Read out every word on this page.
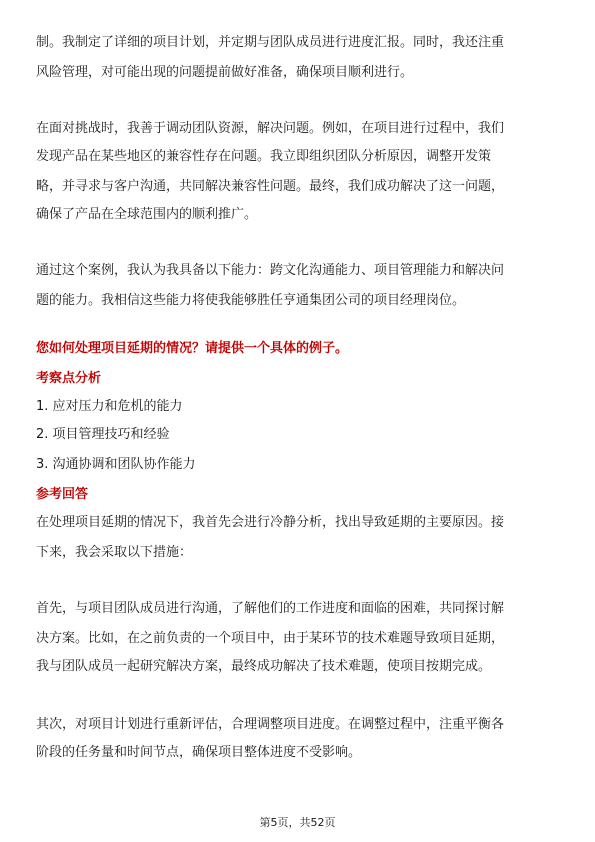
制。我制定了详细的项目计划，并定期与团队成员进行进度汇报。同时，我还注重
风险管理，对可能出现的问题提前做好准备，确保项目顺利进行。
在面对挑战时，我善于调动团队资源，解决问题。例如，在项目进行过程中，我们
发现产品在某些地区的兼容性存在问题。我立即组织团队分析原因，调整开发策
略，并寻求与客户沟通，共同解决兼容性问题。最终，我们成功解决了这一问题，
确保了产品在全球范围内的顺利推广。
通过这个案例，我认为我具备以下能力：跨文化沟通能力、项目管理能力和解决问
题的能力。我相信这些能力将使我能够胜任亨通集团公司的项目经理岗位。
您如何处理项目延期的情况？请提供一个具体的例子。
考察点分析
1. 应对压力和危机的能力
2. 项目管理技巧和经验
3. 沟通协调和团队协作能力
参考回答
在处理项目延期的情况下，我首先会进行冷静分析，找出导致延期的主要原因。接
下来，我会采取以下措施：
首先，与项目团队成员进行沟通，了解他们的工作进度和面临的困难，共同探讨解
决方案。比如，在之前负责的一个项目中，由于某环节的技术难题导致项目延期，
我与团队成员一起研究解决方案，最终成功解决了技术难题，使项目按期完成。
其次，对项目计划进行重新评估，合理调整项目进度。在调整过程中，注重平衡各
阶段的任务量和时间节点，确保项目整体进度不受影响。
第5页，共52页
